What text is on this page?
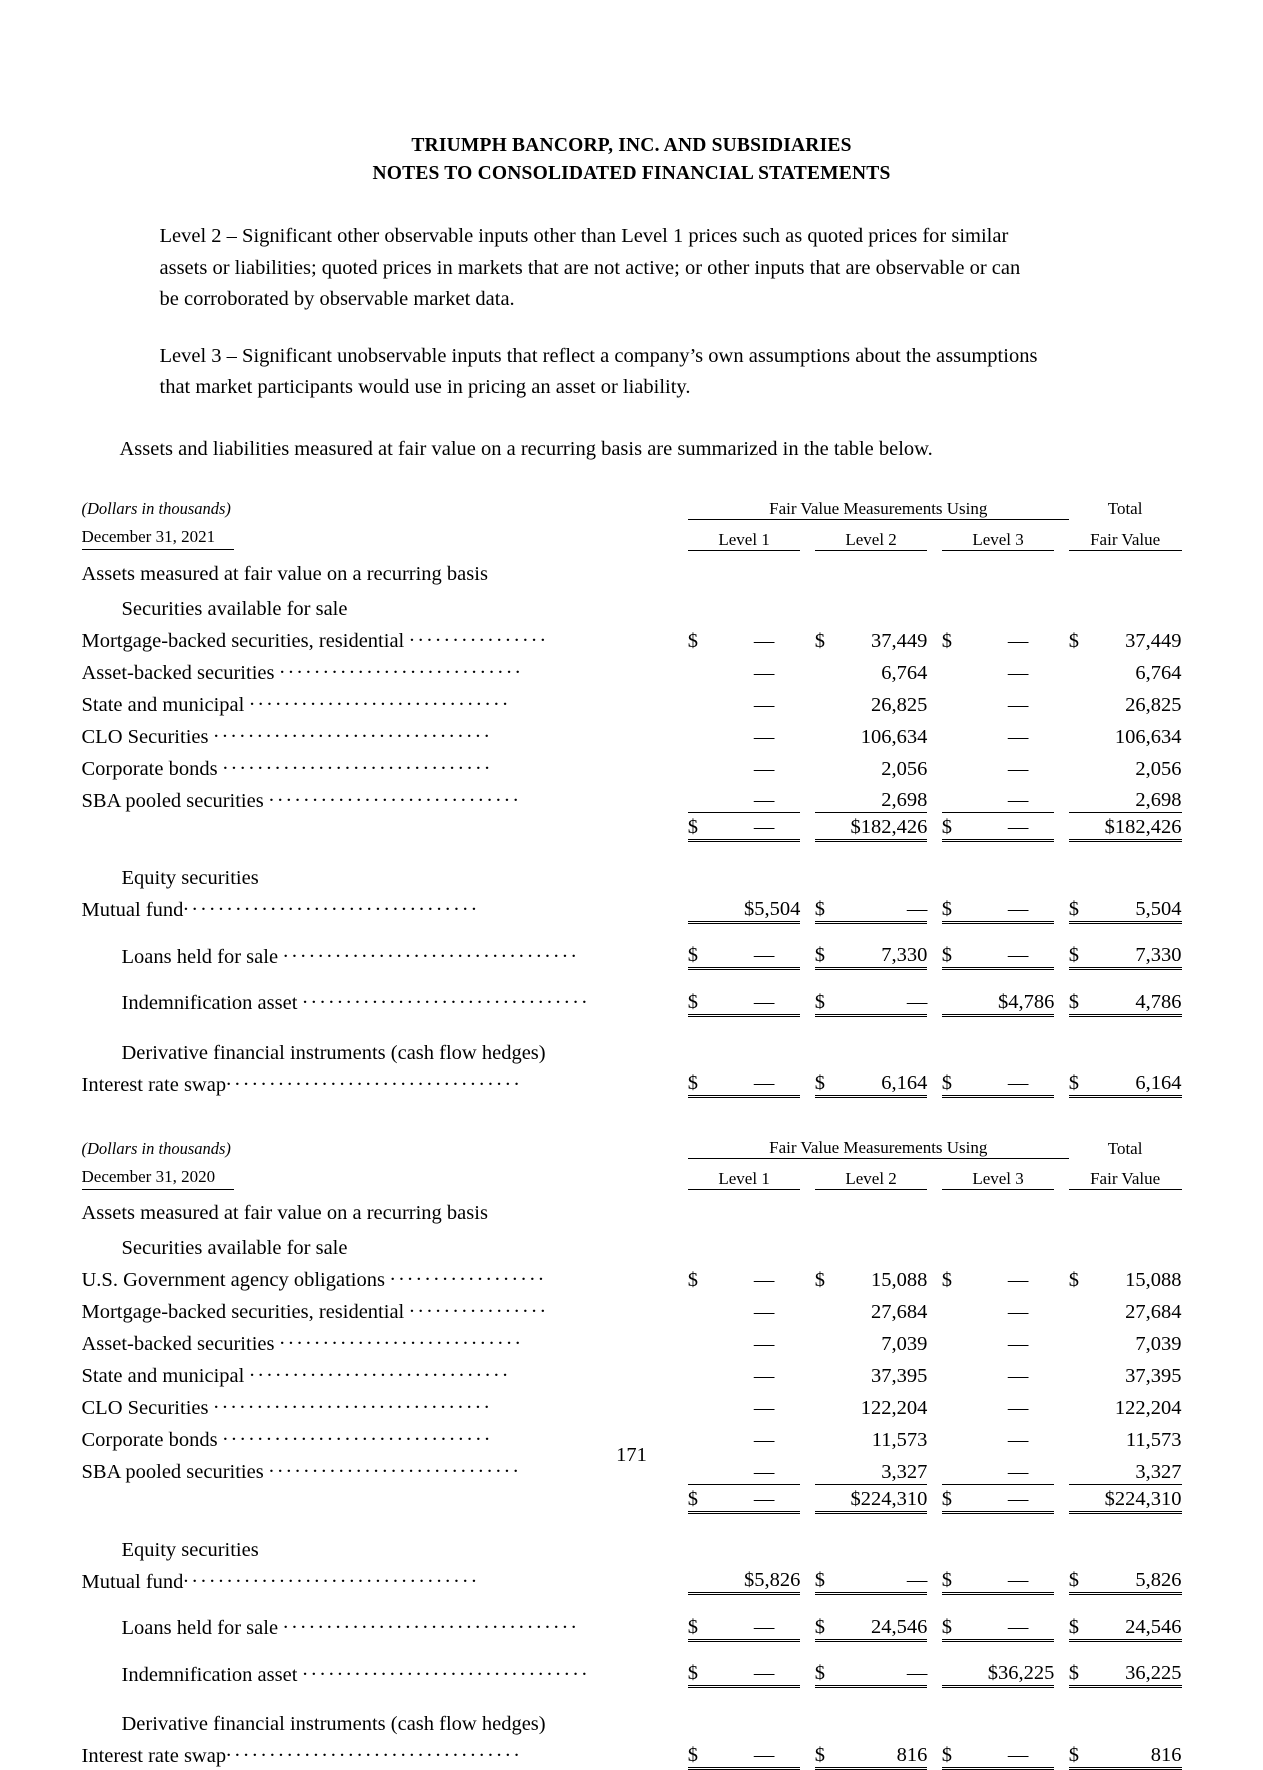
TRIUMPH BANCORP, INC. AND SUBSIDIARIES
NOTES TO CONSOLIDATED FINANCIAL STATEMENTS

Level 2 – Significant other observable inputs other than Level 1 prices such as quoted prices for similar assets or liabilities; quoted prices in markets that are not active; or other inputs that are observable or can be corroborated by observable market data.

Level 3 – Significant unobservable inputs that reflect a company’s own assumptions about the assumptions that market participants would use in pricing an asset or liability.

Assets and liabilities measured at fair value on a recurring basis are summarized in the table below.

(Dollars in thousands)	Fair Value Measurements Using									Total	

December 31, 2021	Level 1			Level 2			Level 3			Fair Value	
Assets measured at fair value on a recurring basis											
Securities available for sale											
Mortgage-backed securities, residential ................	$	—		$	37,449		$	—		$	37,449
Asset-backed securities ............................		—			6,764			—			6,764
State and municipal ..............................		—			26,825			—			26,825
CLO Securities ................................		—			106,634			—			106,634
Corporate bonds ...............................		—			2,056			—			2,056
SBA pooled securities .............................		—			2,698			—			2,698
	$	—			$182,426		$	—			$182,426

Equity securities											
Mutual fund..................................		$5,504		$	—		$	—		$	5,504

Loans held for sale ..................................	$	—		$	7,330		$	—		$	7,330

Indemnification asset .................................	$	—		$	—			$4,786		$	4,786

Derivative financial instruments (cash flow hedges)											
Interest rate swap..................................	$	—		$	6,164		$	—		$	6,164
(Dollars in thousands)	Fair Value Measurements Using									Total	

December 31, 2020	Level 1			Level 2			Level 3			Fair Value	
Assets measured at fair value on a recurring basis											
Securities available for sale											
U.S. Government agency obligations ..................	$	—		$	15,088		$	—		$	15,088
Mortgage-backed securities, residential ................		—			27,684			—			27,684
Asset-backed securities ............................		—			7,039			—			7,039
State and municipal ..............................		—			37,395			—			37,395
CLO Securities ................................		—			122,204			—			122,204
Corporate bonds ...............................		—			11,573			—			11,573
SBA pooled securities .............................		—			3,327			—			3,327
	$	—			$224,310		$	—			$224,310

Equity securities											
Mutual fund..................................		$5,826		$	—		$	—		$	5,826

Loans held for sale ..................................	$	—		$	24,546		$	—		$	24,546

Indemnification asset .................................	$	—		$	—			$36,225		$	36,225

Derivative financial instruments (cash flow hedges)											
Interest rate swap..................................	$	—		$	816		$	—		$	816
171
